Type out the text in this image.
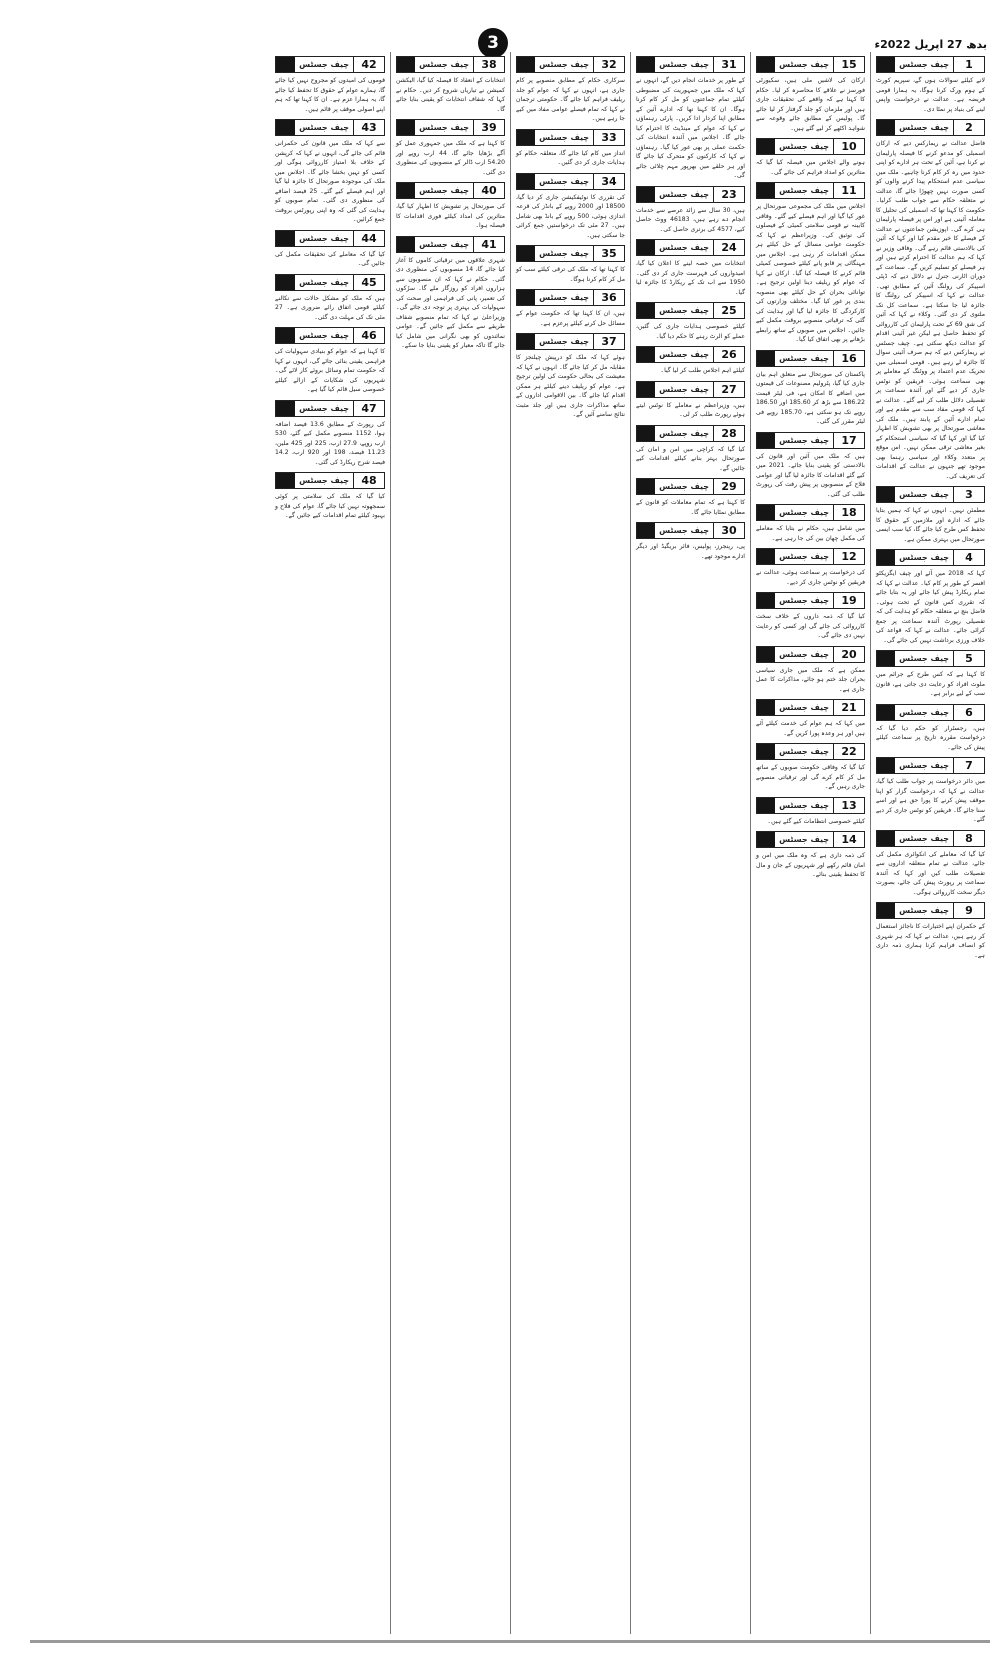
3	بدھ 27 اپریل 2022ء
1
چیف جسٹس
لانے کیلئے سوالات ہوں گے، سپریم کورٹ کے ہوم ورک کرنا ہوگا، یہ ہمارا قومی فریضہ ہے۔ عدالت نے درخواست واپس لینے کی بنیاد پر نمٹا دی۔
2
چیف جسٹس
فاضل عدالت نے ریمارکس دیے کہ ارکان اسمبلی کو مدعو کرنے کا فیصلہ پارلیمان نے کرنا ہے، آئین کے تحت ہر ادارے کو اپنی حدود میں رہ کر کام کرنا چاہیے۔ ملک میں سیاسی عدم استحکام پیدا کرنے والوں کو کسی صورت نہیں چھوڑا جائے گا، عدالت نے متعلقہ حکام سے جواب طلب کرلیا۔ حکومت کا کہنا تھا کہ اسمبلی کی تحلیل کا معاملہ آئینی ہے اور اس پر فیصلہ پارلیمان ہی کرے گی۔ اپوزیشن جماعتوں نے عدالت کے فیصلے کا خیر مقدم کیا اور کہا کہ آئین کی بالادستی قائم رہے گی۔ وفاقی وزیر نے کہا کہ ہم عدالت کا احترام کرتے ہیں اور ہر فیصلے کو تسلیم کریں گے۔ سماعت کے دوران اٹارنی جنرل نے دلائل دیے کہ ڈپٹی اسپیکر کی رولنگ آئین کے مطابق تھی۔ عدالت نے کہا کہ اسپیکر کی رولنگ کا جائزہ لیا جا سکتا ہے۔ سماعت کل تک ملتوی کر دی گئی۔ وکلاء نے کہا کہ آئین کی شق 69 کے تحت پارلیمان کی کارروائی کو تحفظ حاصل ہے لیکن غیر آئینی اقدام کو عدالت دیکھ سکتی ہے۔ چیف جسٹس نے ریمارکس دیے کہ ہم صرف آئینی سوال کا جائزہ لے رہے ہیں۔ قومی اسمبلی میں تحریک عدم اعتماد پر ووٹنگ کے معاملے پر بھی سماعت ہوئی۔ فریقین کو نوٹس جاری کر دیے گئے اور آئندہ سماعت پر تفصیلی دلائل طلب کر لیے گئے۔ عدالت نے کہا کہ قومی مفاد سب سے مقدم ہے اور تمام ادارے آئین کے پابند ہیں۔ ملک کی معاشی صورتحال پر بھی تشویش کا اظہار کیا گیا اور کہا گیا کہ سیاسی استحکام کے بغیر معاشی ترقی ممکن نہیں۔ اس موقع پر متعدد وکلاء اور سیاسی رہنما بھی موجود تھے جنہوں نے عدالت کے اقدامات کی تعریف کی۔
3
چیف جسٹس
مطمئن نہیں۔ انہوں نے کہا کہ ہمیں بتایا جائے کہ ادارہ اور ملازمین کے حقوق کا تحفظ کس طرح کیا جائے گا، کیا سب ایسی صورتحال میں بہتری ممکن ہے۔
4
چیف جسٹس
کہا کہ 2018 میں آئے اور چیف ایگزیکٹو افسر کے طور پر کام کیا۔ عدالت نے کہا کہ تمام ریکارڈ پیش کیا جائے اور یہ بتایا جائے کہ تقرری کس قانون کے تحت ہوئی۔ فاضل بنچ نے متعلقہ حکام کو ہدایت کی کہ تفصیلی رپورٹ آئندہ سماعت پر جمع کرائی جائے۔ عدالت نے کہا کہ قواعد کی خلاف ورزی برداشت نہیں کی جائے گی۔
5
چیف جسٹس
کا کہنا ہے کہ کس طرح کے جرائم میں ملوث افراد کو رعایت دی جاتی ہے، قانون سب کے لیے برابر ہے۔
6
چیف جسٹس
ہیں، رجسٹرار کو حکم دیا گیا کہ درخواست مقررہ تاریخ پر سماعت کیلئے پیش کی جائے۔
7
چیف جسٹس
میں دائر درخواست پر جواب طلب کیا گیا، عدالت نے کہا کہ درخواست گزار کو اپنا موقف پیش کرنے کا پورا حق ہے اور اسے سنا جائے گا۔ فریقین کو نوٹس جاری کر دیے گئے۔
8
چیف جسٹس
کیا گیا کہ معاملے کی انکوائری مکمل کی جائے، عدالت نے تمام متعلقہ اداروں سے تفصیلات طلب کیں اور کہا کہ آئندہ سماعت پر رپورٹ پیش کی جائے، بصورت دیگر سخت کارروائی ہوگی۔
9
چیف جسٹس
کے حکمران اپنے اختیارات کا ناجائز استعمال کر رہے ہیں، عدالت نے کہا کہ ہر شہری کو انصاف فراہم کرنا ہماری ذمہ داری ہے۔
15
چیف جسٹس
ارکان کی لاشیں ملی ہیں، سکیورٹی فورسز نے علاقے کا محاصرہ کر لیا۔ حکام کا کہنا ہے کہ واقعے کی تحقیقات جاری ہیں اور ملزمان کو جلد گرفتار کر لیا جائے گا۔ پولیس کے مطابق جائے وقوعہ سے شواہد اکٹھے کر لیے گئے ہیں۔
10
چیف جسٹس
ہونے والے اجلاس میں فیصلہ کیا گیا کہ متاثرین کو امداد فراہم کی جائے گی۔
11
چیف جسٹس
اجلاس میں ملک کی مجموعی صورتحال پر غور کیا گیا اور اہم فیصلے کیے گئے۔ وفاقی کابینہ نے قومی سلامتی کمیٹی کے فیصلوں کی توثیق کی۔ وزیراعظم نے کہا کہ حکومت عوامی مسائل کے حل کیلئے ہر ممکن اقدامات کر رہی ہے۔ اجلاس میں مہنگائی پر قابو پانے کیلئے خصوصی کمیٹی قائم کرنے کا فیصلہ کیا گیا۔ ارکان نے کہا کہ عوام کو ریلیف دینا اولین ترجیح ہے۔ توانائی بحران کے حل کیلئے بھی منصوبہ بندی پر غور کیا گیا۔ مختلف وزارتوں کی کارکردگی کا جائزہ لیا گیا اور ہدایت کی گئی کہ ترقیاتی منصوبے بروقت مکمل کیے جائیں۔ اجلاس میں صوبوں کے ساتھ رابطے بڑھانے پر بھی اتفاق کیا گیا۔
16
چیف جسٹس
پاکستان کی صورتحال سے متعلق اہم بیان جاری کیا گیا، پٹرولیم مصنوعات کی قیمتوں میں اضافے کا امکان ہے، فی لیٹر قیمت 186.22 سے بڑھ کر 185.60 اور 186.50 روپے تک ہو سکتی ہے، 185.70 روپے فی لیٹر مقرر کی گئی۔
17
چیف جسٹس
ہیں کہ ملک میں آئین اور قانون کی بالادستی کو یقینی بنایا جائے۔ 2021 میں کیے گئے اقدامات کا جائزہ لیا گیا اور عوامی فلاح کے منصوبوں پر پیش رفت کی رپورٹ طلب کی گئی۔
18
چیف جسٹس
میں شامل ہیں، حکام نے بتایا کہ معاملے کی مکمل چھان بین کی جا رہی ہے۔
12
چیف جسٹس
کی درخواست پر سماعت ہوئی، عدالت نے فریقین کو نوٹس جاری کر دیے۔
19
چیف جسٹس
کیا گیا کہ ذمہ داروں کے خلاف سخت کارروائی کی جائے گی اور کسی کو رعایت نہیں دی جائے گی۔
20
چیف جسٹس
ممکن ہے کہ ملک میں جاری سیاسی بحران جلد ختم ہو جائے، مذاکرات کا عمل جاری ہے۔
21
چیف جسٹس
میں کہا کہ ہم عوام کی خدمت کیلئے آئے ہیں اور ہر وعدہ پورا کریں گے۔
22
چیف جسٹس
کیا گیا کہ وفاقی حکومت صوبوں کے ساتھ مل کر کام کرے گی اور ترقیاتی منصوبے جاری رہیں گے۔
13
چیف جسٹس
کیلئے خصوصی انتظامات کیے گئے ہیں۔
14
چیف جسٹس
کی ذمہ داری ہے کہ وہ ملک میں امن و امان قائم رکھے اور شہریوں کے جان و مال کا تحفظ یقینی بنائے۔
31
چیف جسٹس
کے طور پر خدمات انجام دیں گے، انہوں نے کہا کہ ملک میں جمہوریت کی مضبوطی کیلئے تمام جماعتوں کو مل کر کام کرنا ہوگا۔ ان کا کہنا تھا کہ ادارے آئین کے مطابق اپنا کردار ادا کریں۔ پارٹی رہنماؤں نے کہا کہ عوام کے مینڈیٹ کا احترام کیا جائے گا۔ اجلاس میں آئندہ انتخابات کی حکمت عملی پر بھی غور کیا گیا۔ رہنماؤں نے کہا کہ کارکنوں کو متحرک کیا جائے گا اور ہر حلقے میں بھرپور مہم چلائی جائے گی۔
23
چیف جسٹس
ہیں، 30 سال سے زائد عرصے سے خدمات انجام دے رہے ہیں، 46183 ووٹ حاصل کیے، 4577 کی برتری حاصل کی۔
24
چیف جسٹس
انتخابات میں حصہ لینے کا اعلان کیا گیا، امیدواروں کی فہرست جاری کر دی گئی۔ 1950 سے اب تک کے ریکارڈ کا جائزہ لیا گیا۔
25
چیف جسٹس
کیلئے خصوصی ہدایات جاری کی گئیں، عملے کو الرٹ رہنے کا حکم دیا گیا۔
26
چیف جسٹس
کیلئے اہم اجلاس طلب کر لیا گیا۔
27
چیف جسٹس
ہیں، وزیراعظم نے معاملے کا نوٹس لیتے ہوئے رپورٹ طلب کر لی۔
28
چیف جسٹس
کیا گیا کہ کراچی میں امن و امان کی صورتحال بہتر بنانے کیلئے اقدامات کیے جائیں گے۔
29
چیف جسٹس
کا کہنا ہے کہ تمام معاملات کو قانون کے مطابق نمٹایا جائے گا۔
30
چیف جسٹس
پی، رینجرز، پولیس، فائر بریگیڈ اور دیگر ادارے موجود تھے۔
32
چیف جسٹس
سرکاری حکام کے مطابق منصوبے پر کام جاری ہے، انہوں نے کہا کہ عوام کو جلد ریلیف فراہم کیا جائے گا۔ حکومتی ترجمان نے کہا کہ تمام فیصلے عوامی مفاد میں کیے جا رہے ہیں۔
33
چیف جسٹس
انداز میں کام کیا جائے گا، متعلقہ حکام کو ہدایات جاری کر دی گئیں۔
34
چیف جسٹس
کی تقرری کا نوٹیفکیشن جاری کر دیا گیا، 18500 اور 2000 روپے کے بانڈز کی قرعہ اندازی ہوئی، 500 روپے کے بانڈ بھی شامل ہیں۔ 27 مئی تک درخواستیں جمع کرائی جا سکتی ہیں۔
35
چیف جسٹس
کا کہنا تھا کہ ملک کی ترقی کیلئے سب کو مل کر کام کرنا ہوگا۔
36
چیف جسٹس
ہیں، ان کا کہنا تھا کہ حکومت عوام کے مسائل حل کرنے کیلئے پرعزم ہے۔
37
چیف جسٹس
ہوئے کہا کہ ملک کو درپیش چیلنجز کا مقابلہ مل کر کیا جائے گا۔ انہوں نے کہا کہ معیشت کی بحالی حکومت کی اولین ترجیح ہے۔ عوام کو ریلیف دینے کیلئے ہر ممکن اقدام کیا جائے گا۔ بین الاقوامی اداروں کے ساتھ مذاکرات جاری ہیں اور جلد مثبت نتائج سامنے آئیں گے۔
38
چیف جسٹس
انتخابات کے انعقاد کا فیصلہ کیا گیا، الیکشن کمیشن نے تیاریاں شروع کر دیں۔ حکام نے کہا کہ شفاف انتخابات کو یقینی بنایا جائے گا۔
39
چیف جسٹس
کا کہنا ہے کہ ملک میں جمہوری عمل کو آگے بڑھایا جائے گا، 44 ارب روپے اور 54.20 ارب ڈالر کے منصوبوں کی منظوری دی گئی۔
40
چیف جسٹس
کی صورتحال پر تشویش کا اظہار کیا گیا، متاثرین کی امداد کیلئے فوری اقدامات کا فیصلہ ہوا۔
41
چیف جسٹس
شہری علاقوں میں ترقیاتی کاموں کا آغاز کیا جائے گا، 14 منصوبوں کی منظوری دی گئی۔ حکام نے کہا کہ ان منصوبوں سے ہزاروں افراد کو روزگار ملے گا۔ سڑکوں کی تعمیر، پانی کی فراہمی اور صحت کی سہولیات کی بہتری پر توجہ دی جائے گی۔ وزیراعلیٰ نے کہا کہ تمام منصوبے شفاف طریقے سے مکمل کیے جائیں گے۔ عوامی نمائندوں کو بھی نگرانی میں شامل کیا جائے گا تاکہ معیار کو یقینی بنایا جا سکے۔
42
چیف جسٹس
قوموں کی امیدوں کو مجروح نہیں کیا جائے گا، ہمارے عوام کے حقوق کا تحفظ کیا جائے گا، یہ ہمارا عزم ہے۔ ان کا کہنا تھا کہ ہم اپنے اصولی موقف پر قائم ہیں۔
43
چیف جسٹس
سے کہا کہ ملک میں قانون کی حکمرانی قائم کی جائے گی، انہوں نے کہا کہ کرپشن کے خلاف بلا امتیاز کارروائی ہوگی اور کسی کو نہیں بخشا جائے گا۔ اجلاس میں ملک کی موجودہ صورتحال کا جائزہ لیا گیا اور اہم فیصلے کیے گئے۔ 25 فیصد اضافے کی منظوری دی گئی۔ تمام صوبوں کو ہدایت کی گئی کہ وہ اپنی رپورٹس بروقت جمع کرائیں۔
44
چیف جسٹس
کیا گیا کہ معاملے کی تحقیقات مکمل کی جائیں گی۔
45
چیف جسٹس
ہیں کہ ملک کو مشکل حالات سے نکالنے کیلئے قومی اتفاق رائے ضروری ہے۔ 27 مئی تک کی مہلت دی گئی۔
46
چیف جسٹس
کا کہنا ہے کہ عوام کو بنیادی سہولیات کی فراہمی یقینی بنائی جائے گی، انہوں نے کہا کہ حکومت تمام وسائل بروئے کار لائے گی۔ شہریوں کی شکایات کے ازالے کیلئے خصوصی سیل قائم کیا گیا ہے۔
47
چیف جسٹس
کی رپورٹ کے مطابق 13.6 فیصد اضافہ ہوا، 1152 منصوبے مکمل کیے گئے، 530 ارب روپے، 27.9 ارب، 225 اور 425 ملین، 11.23 فیصد، 198 اور 920 ارب، 14.2 فیصد شرح ریکارڈ کی گئی۔
48
چیف جسٹس
کیا گیا کہ ملک کی سلامتی پر کوئی سمجھوتہ نہیں کیا جائے گا، عوام کی فلاح و بہبود کیلئے تمام اقدامات کیے جائیں گے۔
